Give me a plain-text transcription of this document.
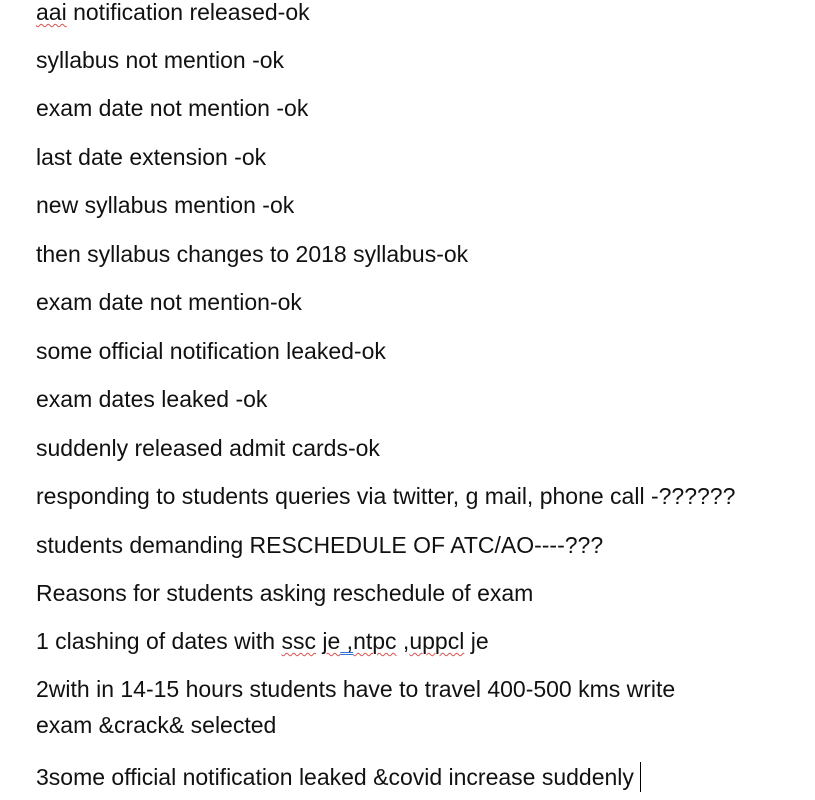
aai notification released-ok
syllabus not mention -ok
exam date not mention -ok
last date extension -ok
new syllabus mention -ok
then syllabus changes to 2018 syllabus-ok
exam date not mention-ok
some official notification leaked-ok
exam dates leaked -ok
suddenly released admit cards-ok
responding to students queries via twitter, g mail, phone call -??????
students demanding RESCHEDULE OF ATC/AO----???
Reasons for students asking reschedule of exam
1 clashing of dates with ssc je ,ntpc ,uppcl je
2with in 14-15 hours students have to travel 400-500 kms write
exam &crack& selected
3some official notification leaked &covid increase suddenly
